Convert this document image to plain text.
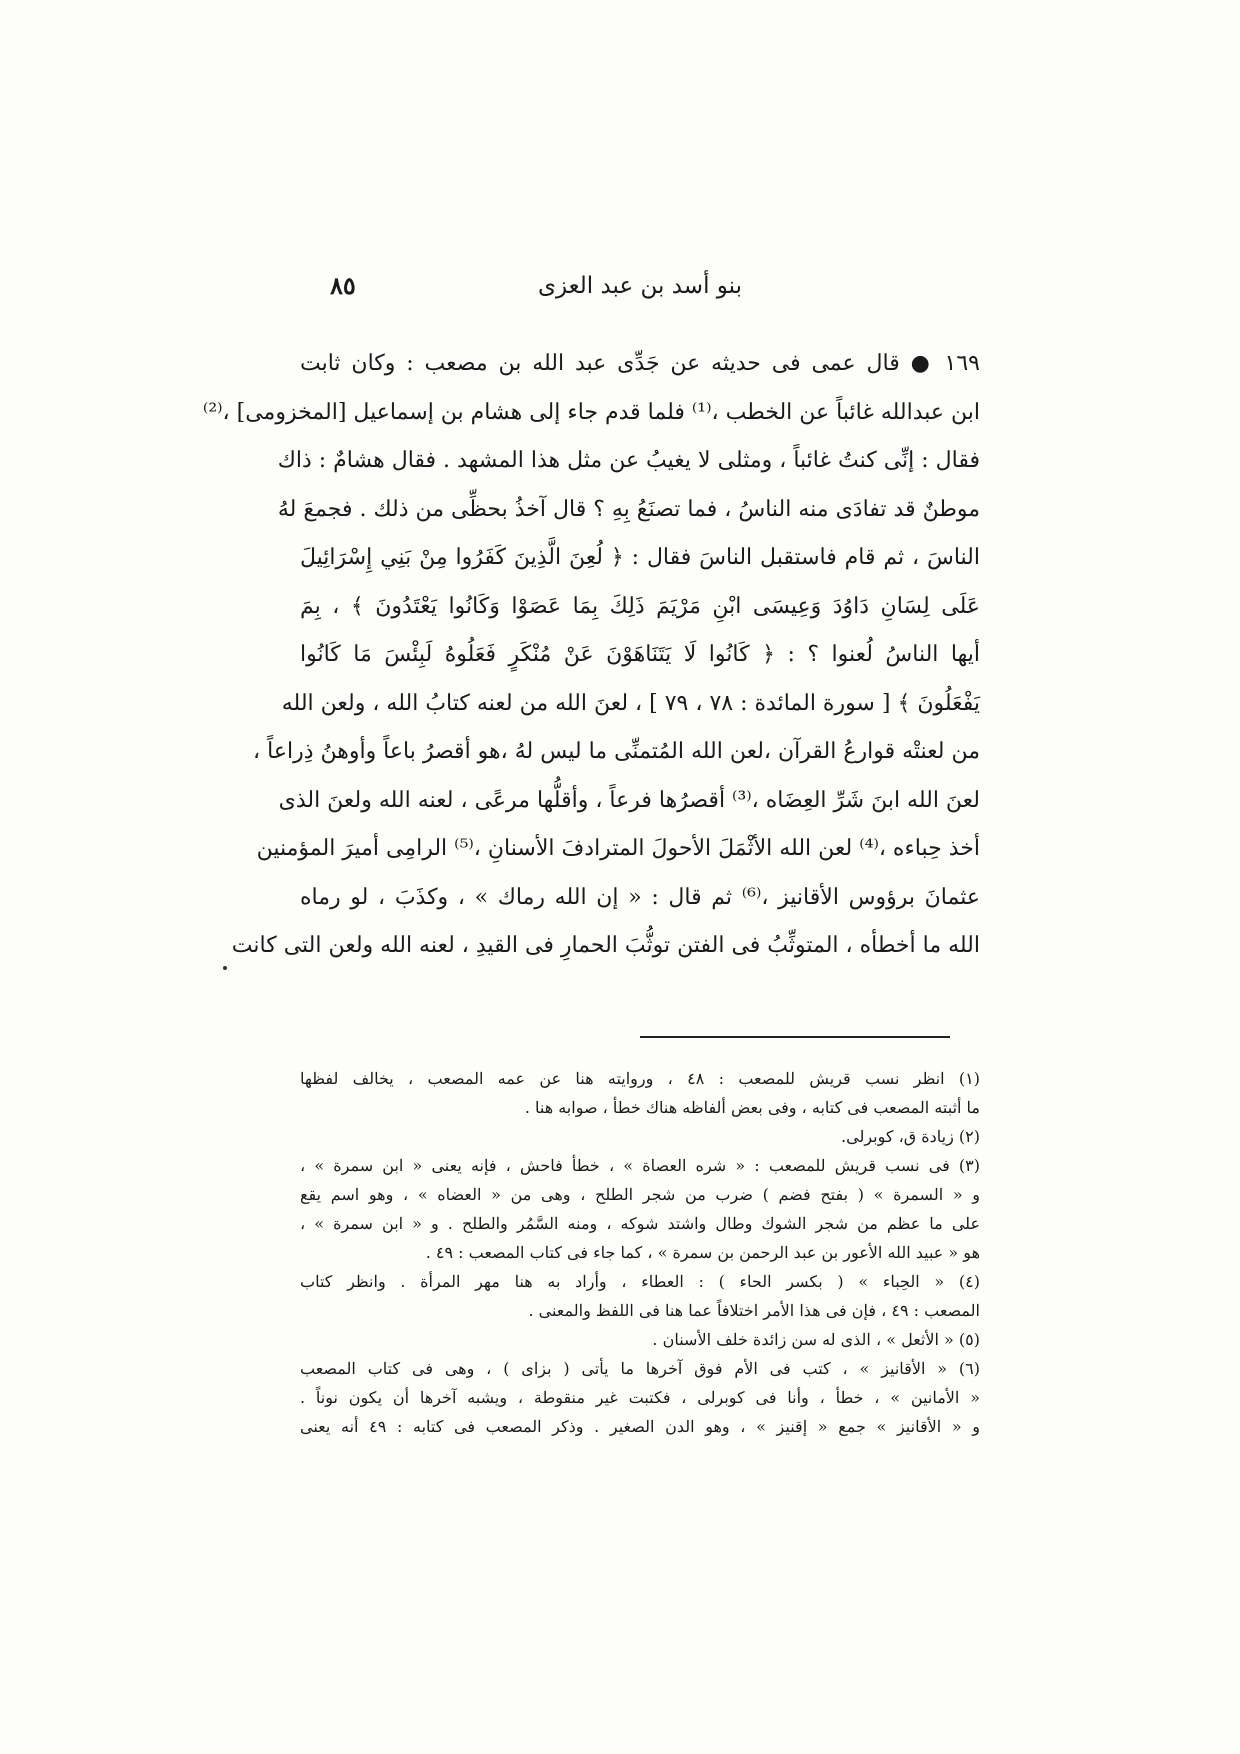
بنو أسد بن عبد العزى
٨٥
١٦٩ ● قال عمى فى حديثه عن جَدِّى عبد الله بن مصعب : وكان ثابت
ابن عبدالله غائباً عن الخطب ،⁽¹⁾ فلما قدم جاء إلى هشام بن إسماعيل [المخزومى] ،⁽²⁾
فقال : إنِّى كنتُ غائباً ، ومثلى لا يغيبُ عن مثل هذا المشهد . فقال هشامٌ : ذاك
موطنٌ قد تفادَى منه الناسُ ، فما تصنَعُ بِهِ ؟ قال آخذُ بحظِّى من ذلك . فجمعَ لهُ
الناسَ ، ثم قام فاستقبل الناسَ فقال : ﴿ لُعِنَ الَّذِينَ كَفَرُوا مِنْ بَنِي إِسْرَائِيلَ
عَلَى لِسَانِ دَاوُدَ وَعِيسَى ابْنِ مَرْيَمَ ذَلِكَ بِمَا عَصَوْا وَكَانُوا يَعْتَدُونَ ﴾ ، بِمَ
أيها الناسُ لُعنوا ؟ : ﴿ كَانُوا لَا يَتَنَاهَوْنَ عَنْ مُنْكَرٍ فَعَلُوهُ لَبِئْسَ مَا كَانُوا
يَفْعَلُونَ ﴾ [ سورة المائدة : ٧٨ ، ٧٩ ] ، لعنَ الله من لعنه كتابُ الله ، ولعن الله
من لعنتْه قوارعُ القرآن ،لعن الله المُتمنِّى ما ليس لهُ ،هو أقصرُ باعاً وأوهنُ ذِراعاً ،
لعنَ الله ابنَ شَرِّ العِضَاه ،⁽³⁾ أقصرُها فرعاً ، وأقلُّها مرعًى ، لعنه الله ولعنَ الذى
أخذ حِباءه ،⁽⁴⁾ لعن الله الأثْمَلَ الأحولَ المترادفَ الأسنانِ ،⁽⁵⁾ الرامِى أميرَ المؤمنين
عثمانَ برؤوس الأقانيز ،⁽⁶⁾ ثم قال : « إن الله رماك » ، وكذَبَ ، لو رماه
الله ما أخطأه ، المتوثِّبُ فى الفتن توثُّبَ الحمارِ فى القيدِ ، لعنه الله ولعن التى كانت
(١) انظر نسب قريش للمصعب : ٤٨ ، وروايته هنا عن عمه المصعب ، يخالف لفظها
ما أثبته المصعب فى كتابه ، وفى بعض ألفاظه هناك خطأ ، صوابه هنا .
(٢) زيادة ق، كوبرلى.
(٣) فى نسب قريش للمصعب : « شره العصاة » ، خطأ فاحش ، فإنه يعنى « ابن سمرة » ،
و « السمرة » ( بفتح فضم ) ضرب من شجر الطلح ، وهى من « العضاه » ، وهو اسم يقع
على ما عظم من شجر الشوك وطال واشتد شوكه ، ومنه السَّمُر والطلح . و « ابن سمرة » ،
هو « عبيد الله الأعور بن عبد الرحمن بن سمرة » ، كما جاء فى كتاب المصعب : ٤٩ .
(٤) « الحِباء » ( بكسر الحاء ) : العطاء ، وأراد به هنا مهر المرأة . وانظر كتاب
المصعب : ٤٩ ، فإن فى هذا الأمر اختلافاً عما هنا فى اللفظ والمعنى .
(٥) « الأثعل » ، الذى له سن زائدة خلف الأسنان .
(٦) « الأقانيز » ، كتب فى الأم فوق آخرها ما يأتى ( بزاى ) ، وهى فى كتاب المصعب
« الأمانين » ، خطأ ، وأنا فى كوبرلى ، فكتبت غير منقوطة ، ويشبه آخرها أن يكون نوناً .
و « الأقانيز » جمع « إقنيز » ، وهو الدن الصغير . وذكر المصعب فى كتابه : ٤٩ أنه يعنى
